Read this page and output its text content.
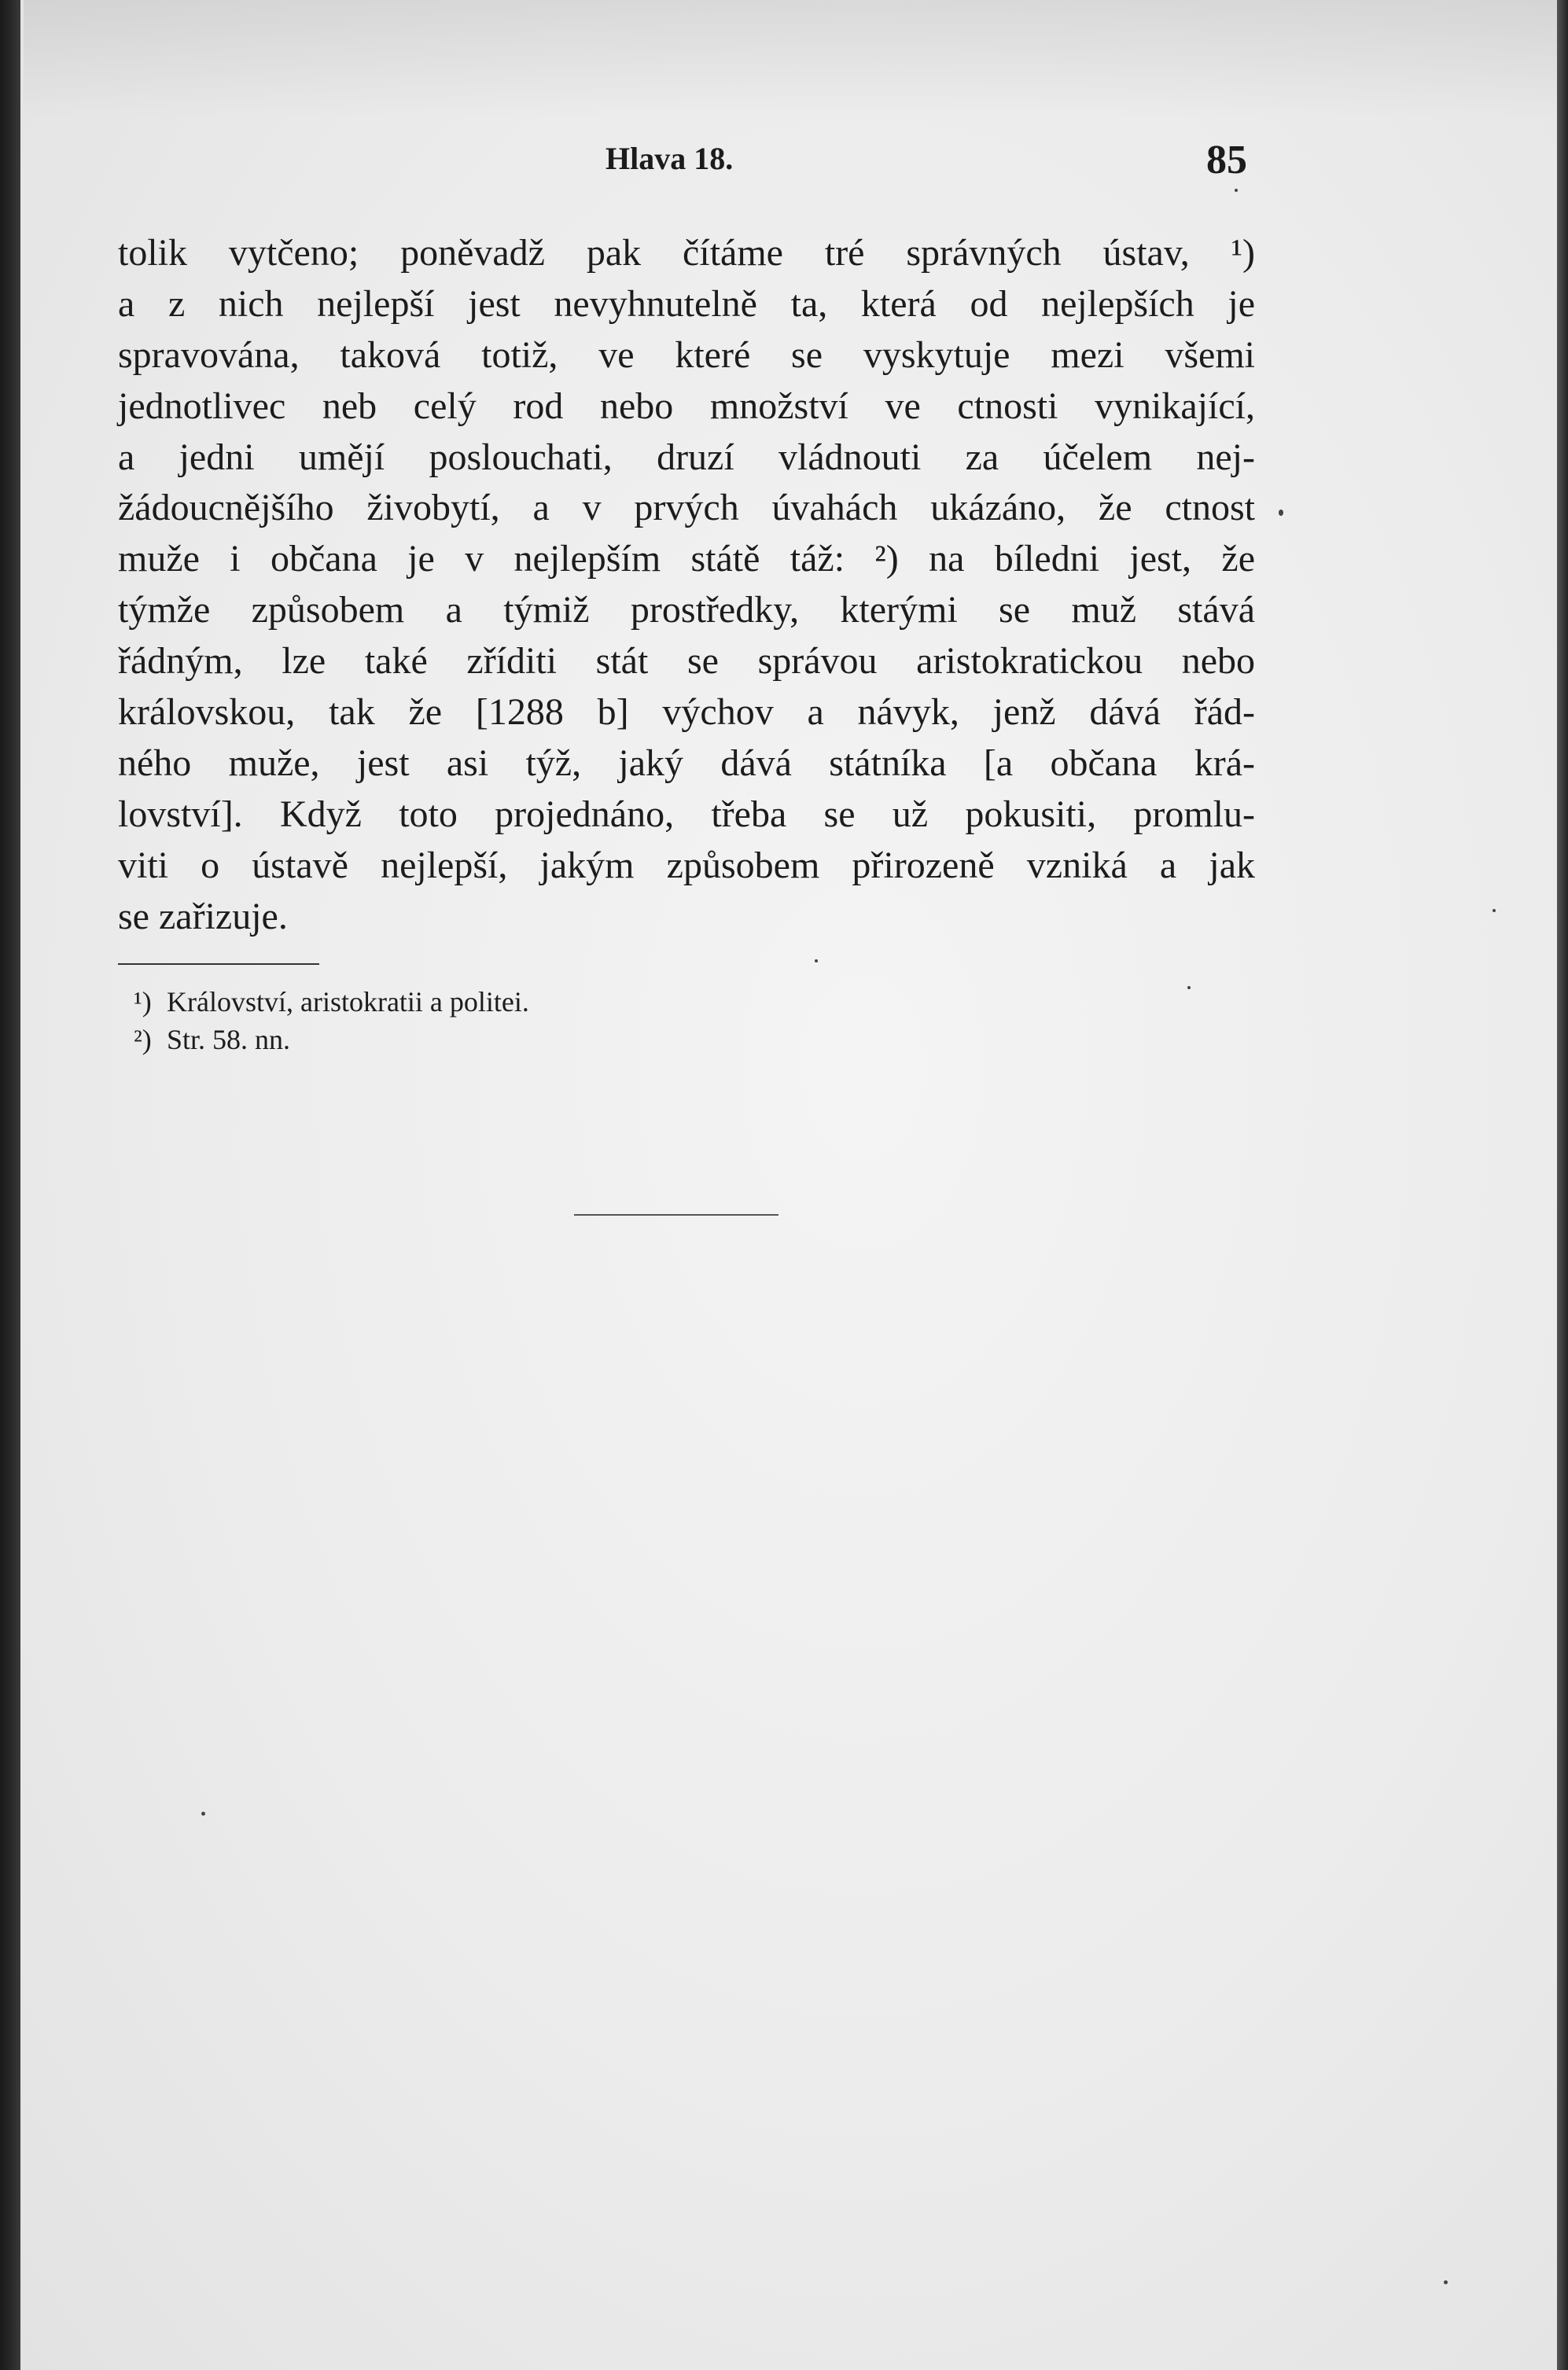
Hlava 18.	85
tolik vytčeno; poněvadž pak čítáme tré správných ústav, ¹)
a z nich nejlepší jest nevyhnutelně ta, která od nejlepších je
spravována, taková totiž, ve které se vyskytuje mezi všemi
jednotlivec neb celý rod nebo množství ve ctnosti vynikající,
a jedni umějí poslouchati, druzí vládnouti za účelem nej-
žádoucnějšího živobytí, a v prvých úvahách ukázáno, že ctnost
muže i občana je v nejlepším státě táž: ²) na bíledni jest, že
týmže způsobem a týmiž prostředky, kterými se muž stává
řádným, lze také zříditi stát se správou aristokratickou nebo
královskou, tak že [1288 b] výchov a návyk, jenž dává řád-
ného muže, jest asi týž, jaký dává státníka [a občana krá-
lovství]. Když toto projednáno, třeba se už pokusiti, promlu-
viti o ústavě nejlepší, jakým způsobem přirozeně vzniká a jak
se zařizuje.
¹) Království, aristokratii a politei.
²) Str. 58. nn.
